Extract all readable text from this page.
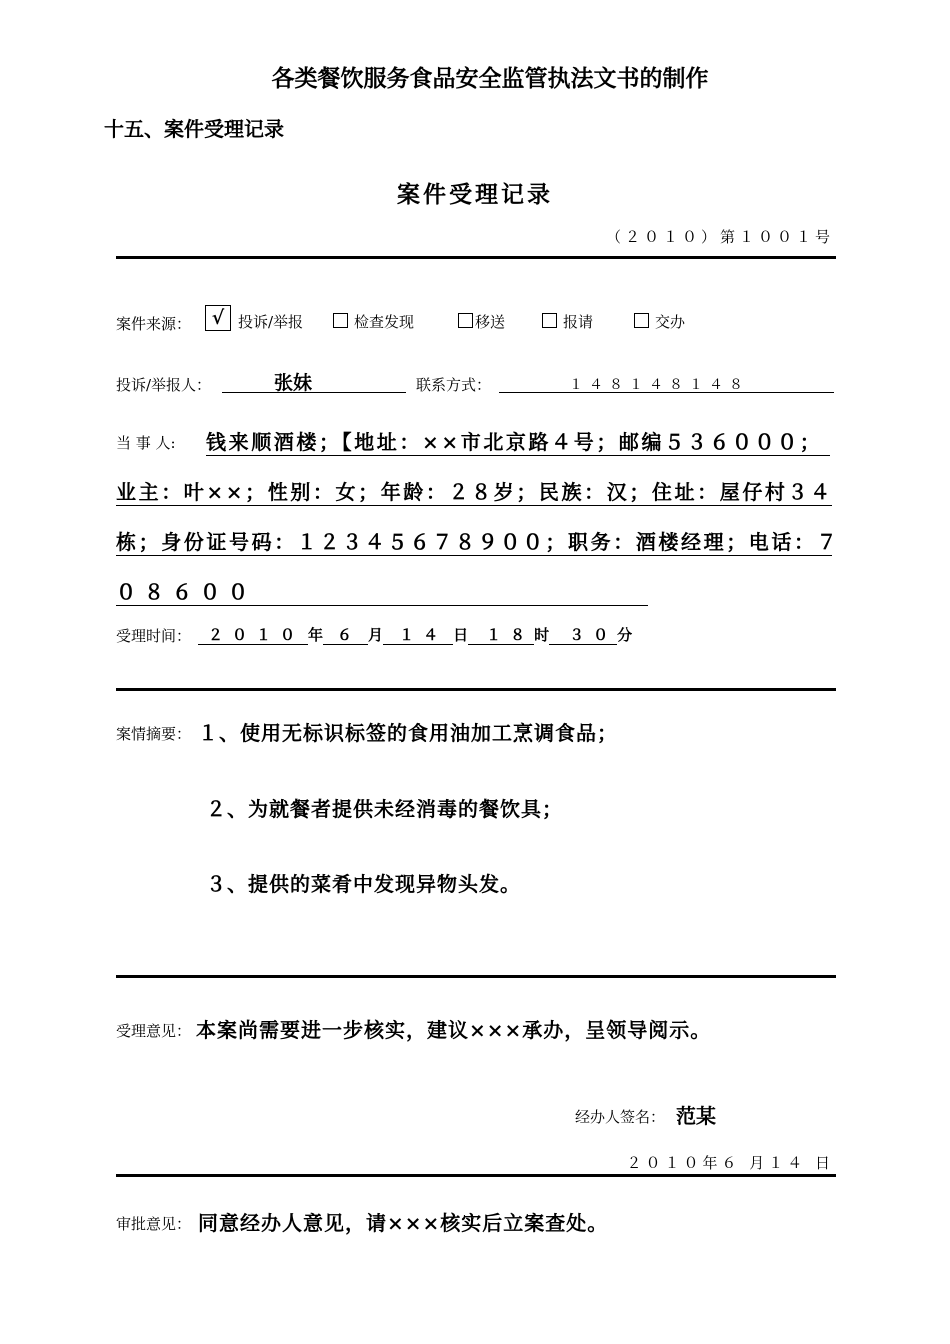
各类餐饮服务食品安全监管执法文书的制作
十五、案件受理记录
案件受理记录
（２０１０）第１００１号
案件来源：	√ 投诉/举报	检查发现	移送	报请	交办
投诉/举报人：	张妹	联系方式：	１４８１４８１４８
当 事 人: 钱来顺酒楼；【地址：××市北京路４号；邮编５３６０００；
业主：叶××；性别：女；年龄：２８岁；民族：汉；住址：屋仔村３４
栋；身份证号码：１２３４５６７８９００；职务：酒楼经理；电话：７
０８６００
受理时间：	２０１０ 年 ６ 月 １４ 日 １８时 ３０分
案情摘要： １、使用无标识标签的食用油加工烹调食品；
２、为就餐者提供未经消毒的餐饮具；
３、提供的菜肴中发现异物头发。
受理意见： 本案尚需要进一步核实，建议×××承办，呈领导阅示。
经办人签名： 范某
２０１０年６ 月１４ 日
审批意见： 同意经办人意见，请×××核实后立案查处。
